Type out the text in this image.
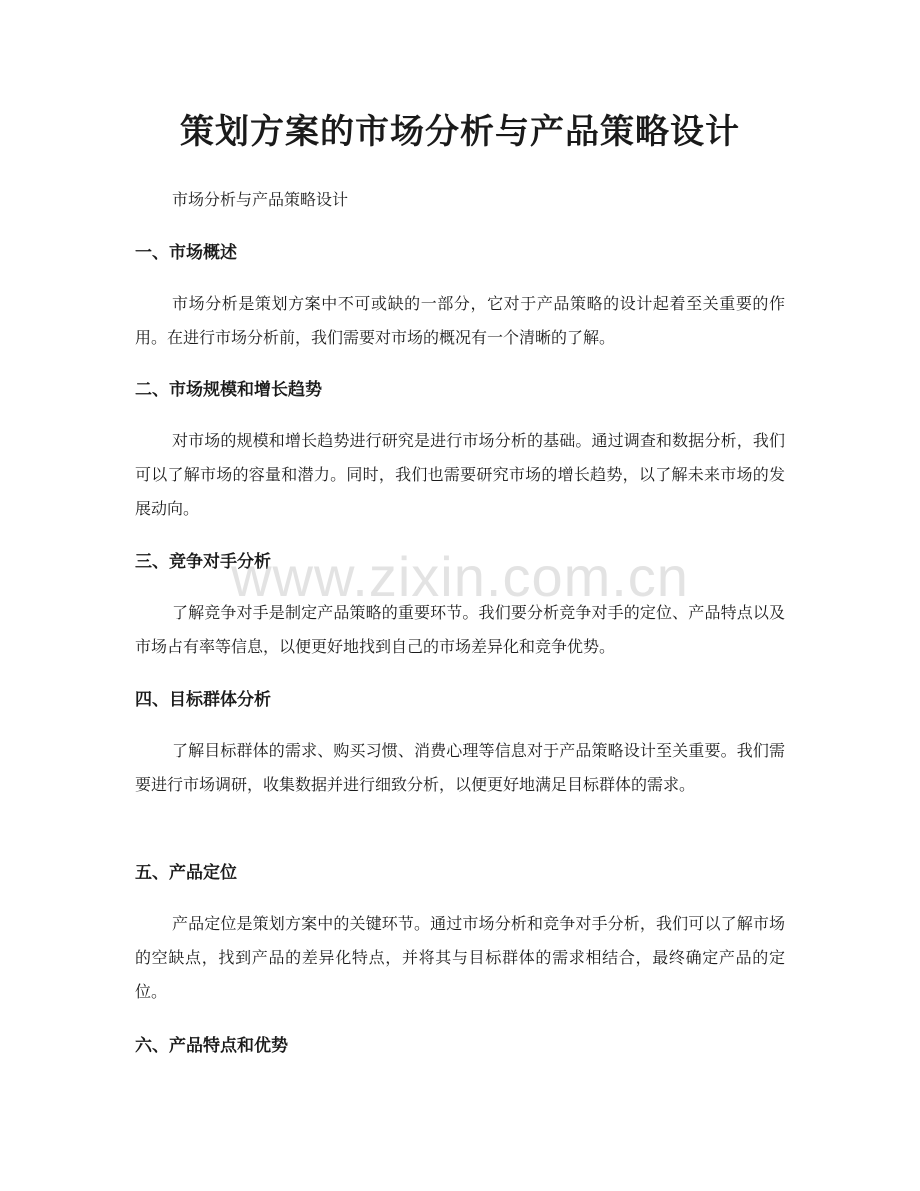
策划方案的市场分析与产品策略设计

市场分析与产品策略设计

一、市场概述

市场分析是策划方案中不可或缺的一部分，它对于产品策略的设计起着至关重要的作用。在进行市场分析前，我们需要对市场的概况有一个清晰的了解。

二、市场规模和增长趋势

对市场的规模和增长趋势进行研究是进行市场分析的基础。通过调查和数据分析，我们可以了解市场的容量和潜力。同时，我们也需要研究市场的增长趋势，以了解未来市场的发展动向。

三、竞争对手分析

了解竞争对手是制定产品策略的重要环节。我们要分析竞争对手的定位、产品特点以及市场占有率等信息，以便更好地找到自己的市场差异化和竞争优势。

四、目标群体分析

了解目标群体的需求、购买习惯、消费心理等信息对于产品策略设计至关重要。我们需要进行市场调研，收集数据并进行细致分析，以便更好地满足目标群体的需求。

五、产品定位

产品定位是策划方案中的关键环节。通过市场分析和竞争对手分析，我们可以了解市场的空缺点，找到产品的差异化特点，并将其与目标群体的需求相结合，最终确定产品的定位。

六、产品特点和优势
www.zixin.com.cn
